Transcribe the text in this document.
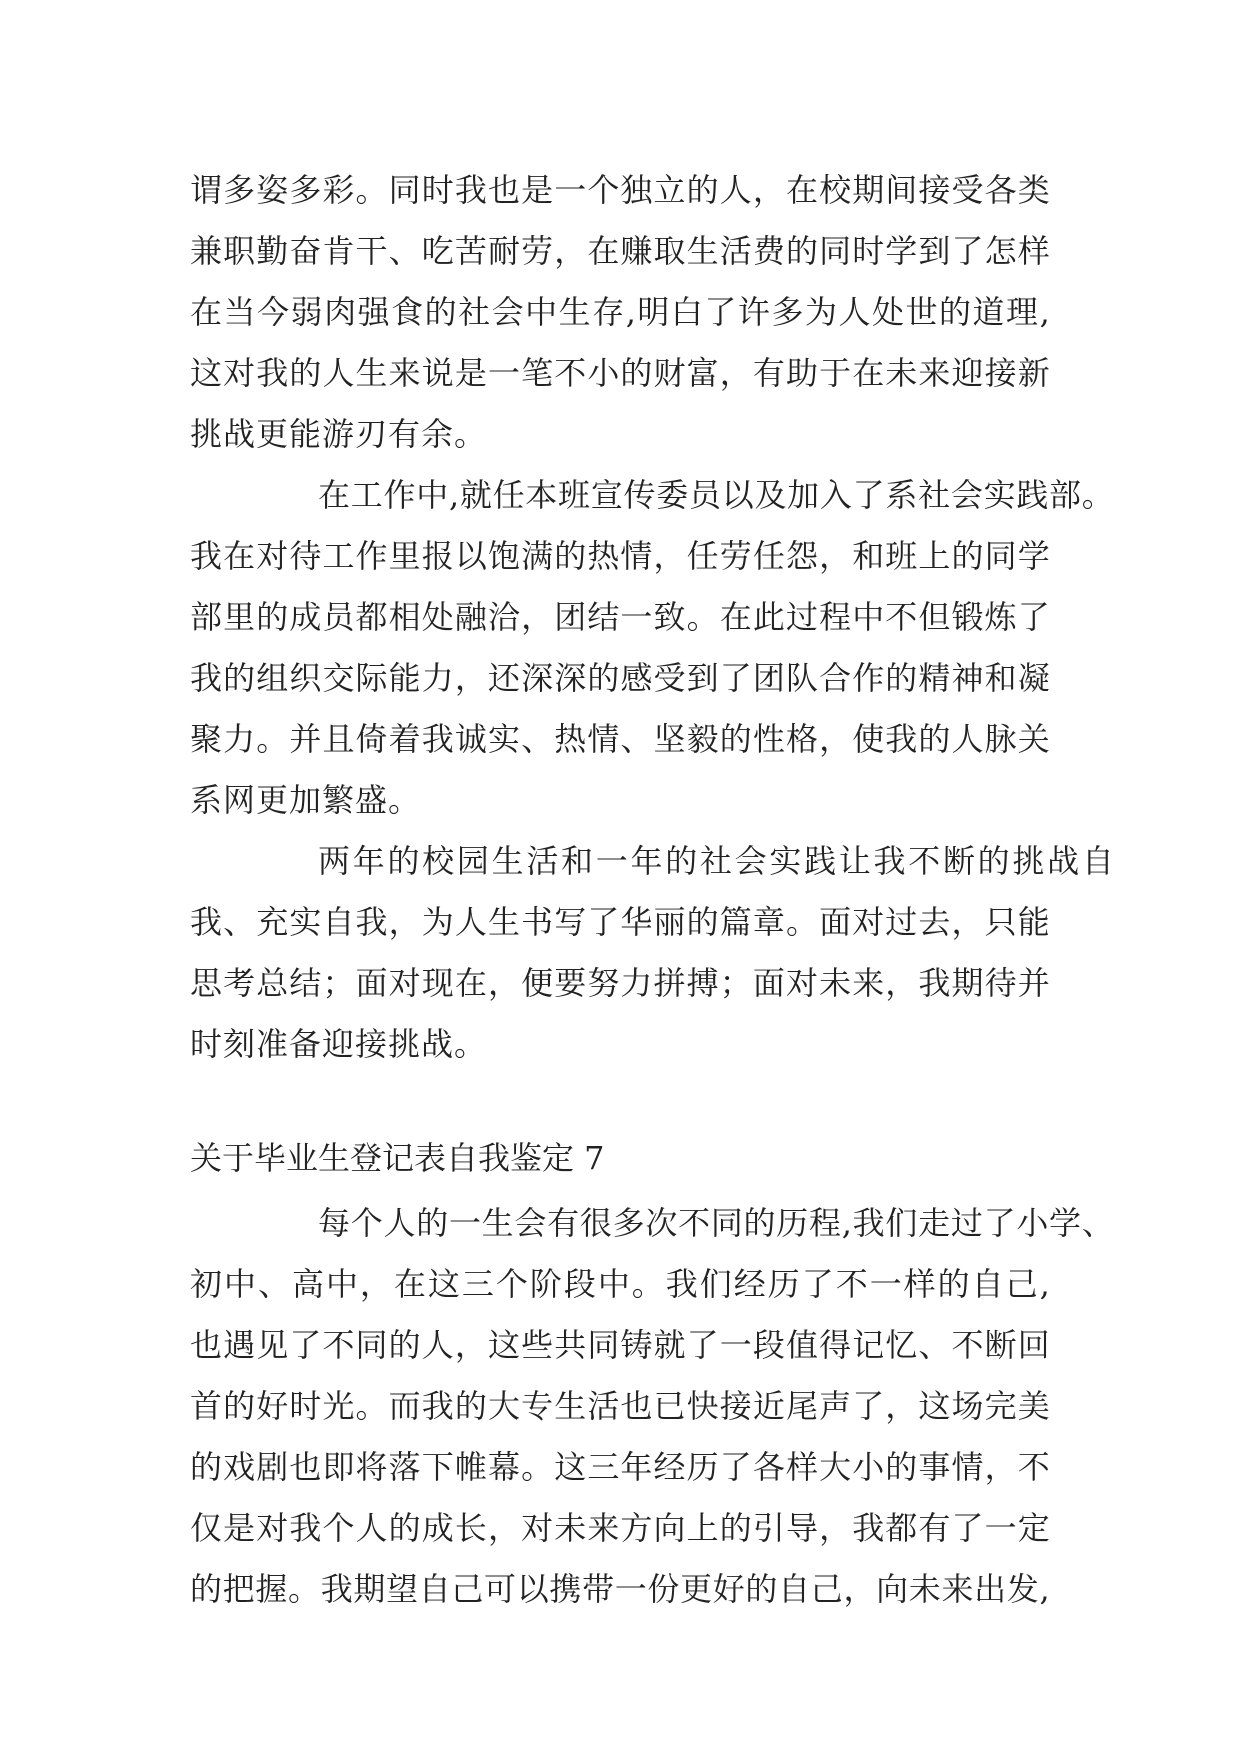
谓 多 姿 多 彩 。 同 时 我 也 是 一 个 独 立 的 人 ， 在 校 期 间 接 受 各 类
兼 职 勤 奋 肯 干 、 吃 苦 耐 劳 ， 在 赚 取 生 活 费 的 同 时 学 到 了 怎 样
在 当 今 弱 肉 强 食 的 社 会 中 生 存 , 明 白 了 许 多 为 人 处 世 的 道 理 ,
这 对 我 的 人 生 来 说 是 一 笔 不 小 的 财 富 ， 有 助 于 在 未 来 迎 接 新
挑战更能游刃有余。
在 工 作 中 , 就 任 本 班 宣 传 委 员 以 及 加 入 了 系 社 会 实 践 部 。
我 在 对 待 工 作 里 报 以 饱 满 的 热 情 ， 任 劳 任 怨 ， 和 班 上 的 同 学
部 里 的 成 员 都 相 处 融 洽 ， 团 结 一 致 。 在 此 过 程 中 不 但 锻 炼 了
我 的 组 织 交 际 能 力 ， 还 深 深 的 感 受 到 了 团 队 合 作 的 精 神 和 凝
聚 力 。 并 且 倚 着 我 诚 实 、 热 情 、 坚 毅 的 性 格 ， 使 我 的 人 脉 关
系网更加繁盛。
两 年 的 校 园 生 活 和 一 年 的 社 会 实 践 让 我 不 断 的 挑 战 自
我 、 充 实 自 我 ， 为 人 生 书 写 了 华 丽 的 篇 章 。 面 对 过 去 ， 只 能
思 考 总 结 ； 面 对 现 在 ， 便 要 努 力 拼 搏 ； 面 对 未 来 ， 我 期 待 并
时刻准备迎接挑战。
关于毕业生登记表自我鉴定 7
每 个 人 的 一 生 会 有 很 多 次 不 同 的 历 程 , 我 们 走 过 了 小 学 、
初 中 、 高 中 ， 在 这 三 个 阶 段 中 。 我 们 经 历 了 不 一 样 的 自 己 ,
也 遇 见 了 不 同 的 人 ， 这 些 共 同 铸 就 了 一 段 值 得 记 忆 、 不 断 回
首 的 好 时 光 。 而 我 的 大 专 生 活 也 已 快 接 近 尾 声 了 ， 这 场 完 美
的 戏 剧 也 即 将 落 下 帷 幕 。 这 三 年 经 历 了 各 样 大 小 的 事 情 ， 不
仅 是 对 我 个 人 的 成 长 ， 对 未 来 方 向 上 的 引 导 ， 我 都 有 了 一 定
的 把 握 。 我 期 望 自 己 可 以 携 带 一 份 更 好 的 自 己 ， 向 未 来 出 发 ,
